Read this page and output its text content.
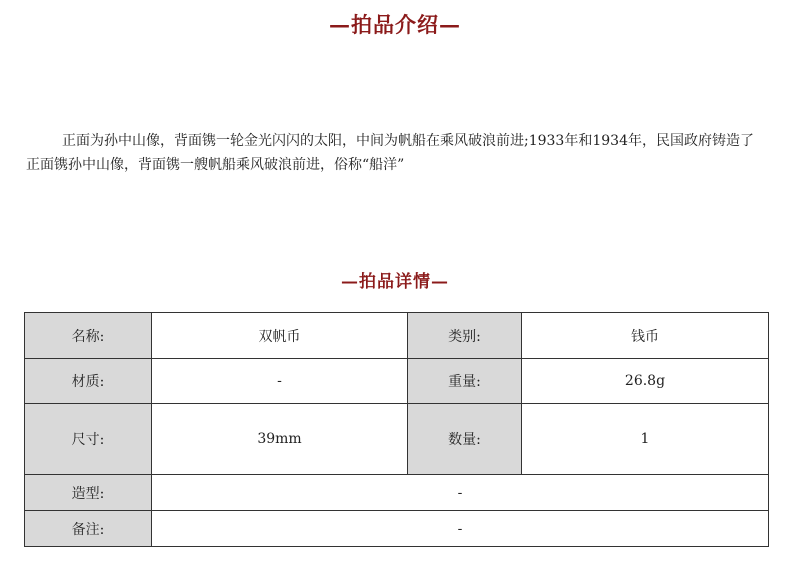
—拍品介绍—

正面为孙中山像，背面镌一轮金光闪闪的太阳，中间为帆船在乘风破浪前进;1933年和1934年，民国政府铸造了正面镌孙中山像，背面镌一艘帆船乘风破浪前进，俗称“船洋”

—拍品详情—
名称:	双帆币	类别:	钱币
材质:	-	重量:	26.8g
尺寸:	39mm	数量:	1
造型:	-		
备注:	-		
